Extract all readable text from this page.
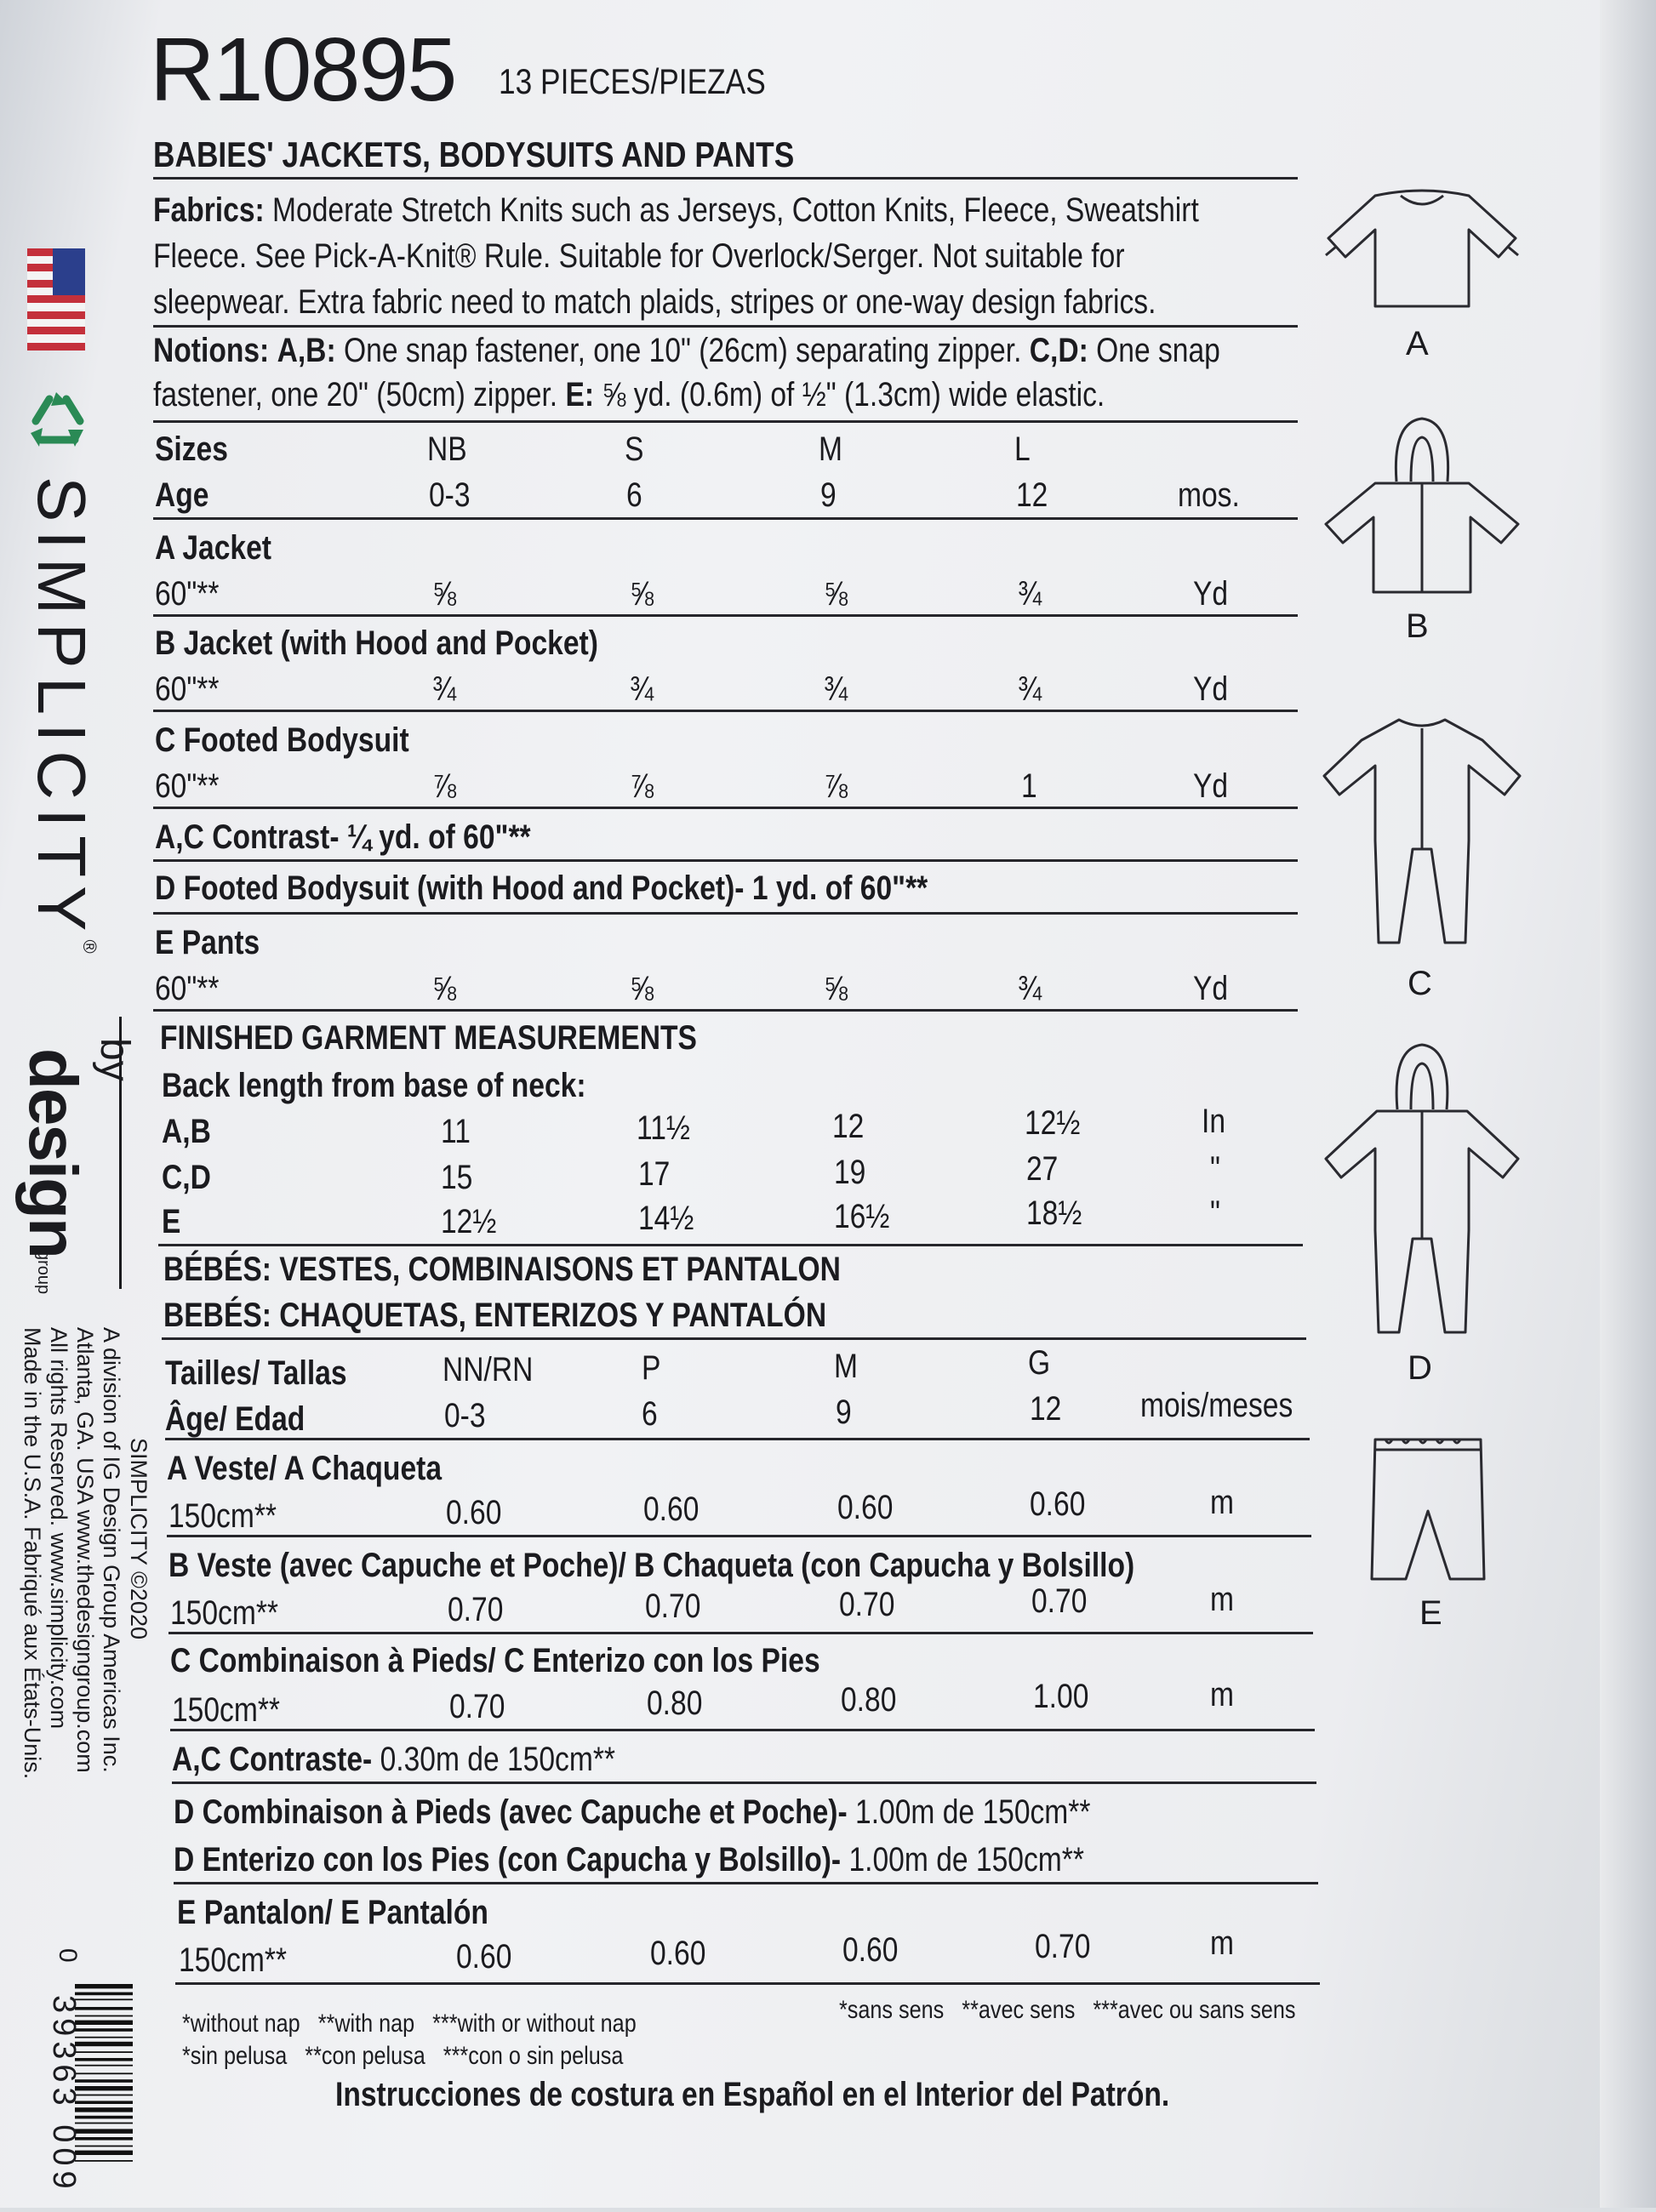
SIMPLICITY®
by
design
group
SIMPLICITY ©2020
A division of IG Design Group Americas Inc.
Atlanta, GA. USA www.thedesigngroup.com
All rights Reserved. www.simplicity.com
Made in the U.S.A. Fabriqué aux États-Unis.
0
39363 009
R10895 13 PIECES/PIEZAS
BABIES' JACKETS, BODYSUITS AND PANTS
Fabrics: Moderate Stretch Knits such as Jerseys, Cotton Knits, Fleece, Sweatshirt
Fleece. See Pick-A-Knit® Rule. Suitable for Overlock/Serger. Not suitable for
sleepwear. Extra fabric need to match plaids, stripes or one-way design fabrics.
Notions: A,B: One snap fastener, one 10" (26cm) separating zipper. C,D: One snap
fastener, one 20" (50cm) zipper. E: ⅝ yd. (0.6m) of ½" (1.3cm) wide elastic.
Sizes	NB	S	M	L
Age	0-3	6	9	12	mos.
A Jacket
60"**	⅝	⅝	⅝	¾	Yd
B Jacket (with Hood and Pocket)
60"**	¾	¾	¾	¾	Yd
C Footed Bodysuit
60"**	⅞	⅞	⅞	1	Yd
A,C Contrast- ¼ yd. of 60"**
D Footed Bodysuit (with Hood and Pocket)- 1 yd. of 60"**
E Pants
60"**	⅝	⅝	⅝	¾	Yd
FINISHED GARMENT MEASUREMENTS
Back length from base of neck:
A,B	11	11½	12	12½	In
C,D	15	17	19	27	"
E	12½	14½	16½	18½	"
BÉBÉS: VESTES, COMBINAISONS ET PANTALON
BEBÉS: CHAQUETAS, ENTERIZOS Y PANTALÓN
Tailles/ Tallas	NN/RN	P	M	G
Âge/ Edad	0-3	6	9	12 mois/meses
A Veste/ A Chaqueta
150cm**	0.60	0.60	0.60	0.60	m
B Veste (avec Capuche et Poche)/ B Chaqueta (con Capucha y Bolsillo)
150cm**	0.70	0.70	0.70	0.70	m
C Combinaison à Pieds/ C Enterizo con los Pies
150cm**	0.70	0.80	0.80	1.00	m
A,C Contraste- 0.30m de 150cm**
D Combinaison à Pieds (avec Capuche et Poche)- 1.00m de 150cm**
D Enterizo con los Pies (con Capucha y Bolsillo)- 1.00m de 150cm**
E Pantalon/ E Pantalón
150cm**	0.60	0.60	0.60	0.70	m
*without nap   **with nap   ***with or without nap
*sin pelusa   **con pelusa   ***con o sin pelusa
*sans sens   **avec sens   ***avec ou sans sens
Instrucciones de costura en Español en el Interior del Patrón.
A
B
C
D
E
